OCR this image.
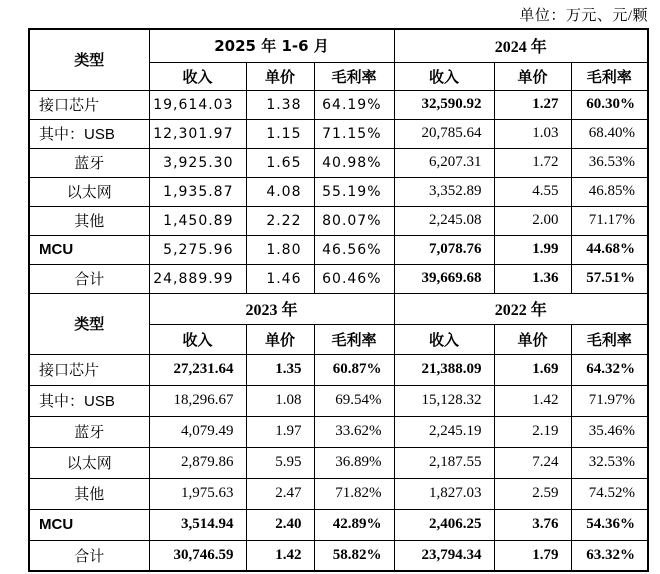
单位：万元、元/颗
类型	2025 年 1-6 月			2024 年		
	收入	单价	毛利率	收入	单价	毛利率
接口芯片	19,614.03	1.38	64.19%	32,590.92	1.27	60.30%
其中：USB	12,301.97	1.15	71.15%	20,785.64	1.03	68.40%
蓝牙	3,925.30	1.65	40.98%	6,207.31	1.72	36.53%
以太网	1,935.87	4.08	55.19%	3,352.89	4.55	46.85%
其他	1,450.89	2.22	80.07%	2,245.08	2.00	71.17%
MCU	5,275.96	1.80	46.56%	7,078.76	1.99	44.68%
合计	24,889.99	1.46	60.46%	39,669.68	1.36	57.51%
类型	2023 年			2022 年		
	收入	单价	毛利率	收入	单价	毛利率
接口芯片	27,231.64	1.35	60.87%	21,388.09	1.69	64.32%
其中：USB	18,296.67	1.08	69.54%	15,128.32	1.42	71.97%
蓝牙	4,079.49	1.97	33.62%	2,245.19	2.19	35.46%
以太网	2,879.86	5.95	36.89%	2,187.55	7.24	32.53%
其他	1,975.63	2.47	71.82%	1,827.03	2.59	74.52%
MCU	3,514.94	2.40	42.89%	2,406.25	3.76	54.36%
合计	30,746.59	1.42	58.82%	23,794.34	1.79	63.32%
